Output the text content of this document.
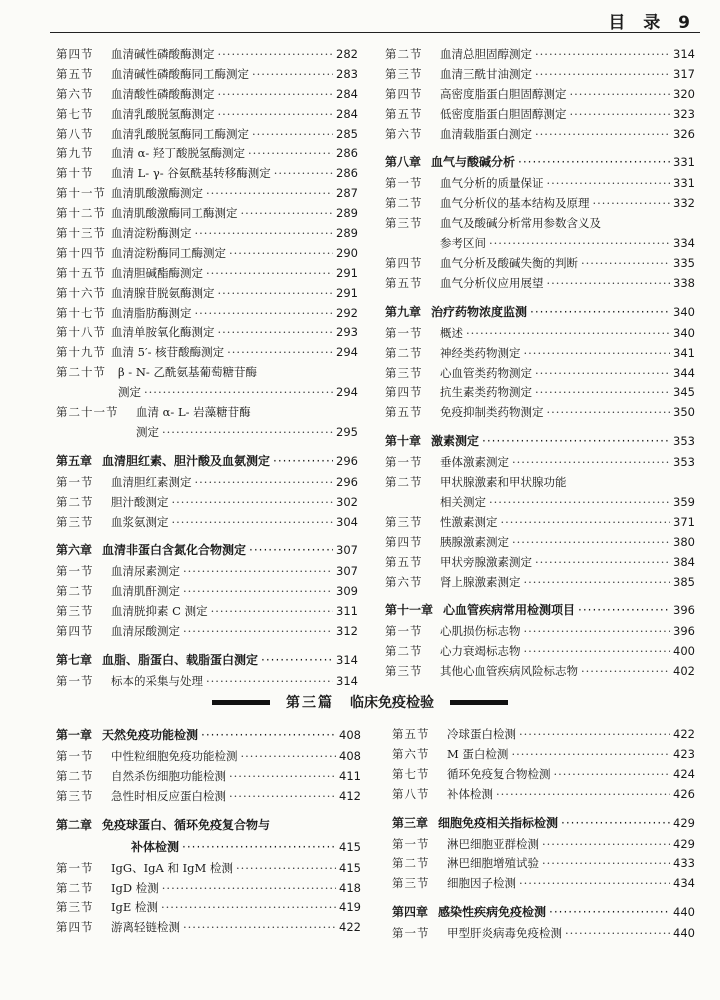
目 录 9
第四节	血清碱性磷酸酶测定 ·····	282
第五节	血清碱性磷酸酶同工酶测定 ·····	283
第六节	血清酸性磷酸酶测定 ·····	284
第七节	血清乳酸脱氢酶测定 ·····	284
第八节	血清乳酸脱氢酶同工酶测定 ·····	285
第九节	血清 α- 羟丁酸脱氢酶测定 ·····	286
第十节	血清 L- γ- 谷氨酰基转移酶测定 ·····	286
第十一节 血清肌酸激酶测定 ·····	287
第十二节 血清肌酸激酶同工酶测定 ·····	289
第十三节 血清淀粉酶测定 ·····	289
第十四节 血清淀粉酶同工酶测定 ·····	290
第十五节 血清胆碱酯酶测定 ·····	291
第十六节 血清腺苷脱氨酶测定 ·····	291
第十七节 血清脂肪酶测定 ·····	292
第十八节 血清单胺氧化酶测定 ·····	293
第十九节 血清 5′- 核苷酸酶测定 ·····	294
第二十节	β - N- 乙酰氨基葡萄糖苷酶
测定 ·····	294
第二十一节	血清 α- L- 岩藻糖苷酶
测定 ·····	295
第五章 血清胆红素、胆汁酸及血氨测定 ·····	296
第一节	血清胆红素测定 ·····	296
第二节	胆汁酸测定 ·····	302
第三节	血浆氨测定 ·····	304
第六章 血清非蛋白含氮化合物测定 ·····	307
第一节	血清尿素测定 ·····	307
第二节	血清肌酐测定 ·····	309
第三节	血清胱抑素 C 测定 ·····	311
第四节	血清尿酸测定 ·····	312
第七章 血脂、脂蛋白、载脂蛋白测定 ·····	314
第一节	标本的采集与处理 ·····	314
第二节	血清总胆固醇测定 ·····	314
第三节	血清三酰甘油测定 ·····	317
第四节	高密度脂蛋白胆固醇测定 ·····	320
第五节	低密度脂蛋白胆固醇测定 ·····	323
第六节	血清载脂蛋白测定 ·····	326
第八章 血气与酸碱分析 ·····	331
第一节	血气分析的质量保证 ·····	331
第二节	血气分析仪的基本结构及原理 ·····	332
第三节	血气及酸碱分析常用参数含义及
参考区间 ·····	334
第四节	血气分析及酸碱失衡的判断 ·····	335
第五节	血气分析仪应用展望 ·····	338
第九章 治疗药物浓度监测 ·····	340
第一节	概述 ·····	340
第二节	神经类药物测定 ·····	341
第三节	心血管类药物测定 ·····	344
第四节	抗生素类药物测定 ·····	345
第五节	免疫抑制类药物测定 ·····	350
第十章 激素测定 ·····	353
第一节	垂体激素测定 ·····	353
第二节	甲状腺激素和甲状腺功能
相关测定 ·····	359
第三节	性激素测定 ·····	371
第四节	胰腺激素测定 ·····	380
第五节	甲状旁腺激素测定 ·····	384
第六节	肾上腺激素测定 ·····	385
第十一章 心血管疾病常用检测项目 ·····	396
第一节	心肌损伤标志物 ·····	396
第二节	心力衰竭标志物 ·····	400
第三节	其他心血管疾病风险标志物 ·····	402
第三篇 临床免疫检验
第一章 天然免疫功能检测 ·····	408
第一节	中性粒细胞免疫功能检测 ·····	408
第二节	自然杀伤细胞功能检测 ·····	411
第三节	急性时相反应蛋白检测 ·····	412
第二章 免疫球蛋白、循环免疫复合物与
补体检测 ·····	415
第一节	IgG、IgA 和 IgM 检测 ·····	415
第二节	IgD 检测 ·····	418
第三节	IgE 检测 ·····	419
第四节	游离轻链检测 ·····	422
第五节	冷球蛋白检测 ·····	422
第六节	M 蛋白检测 ·····	423
第七节	循环免疫复合物检测 ·····	424
第八节	补体检测 ·····	426
第三章 细胞免疫相关指标检测 ·····	429
第一节	淋巴细胞亚群检测 ·····	429
第二节	淋巴细胞增殖试验 ·····	433
第三节	细胞因子检测 ·····	434
第四章 感染性疾病免疫检测 ·····	440
第一节	甲型肝炎病毒免疫检测 ·····	440
